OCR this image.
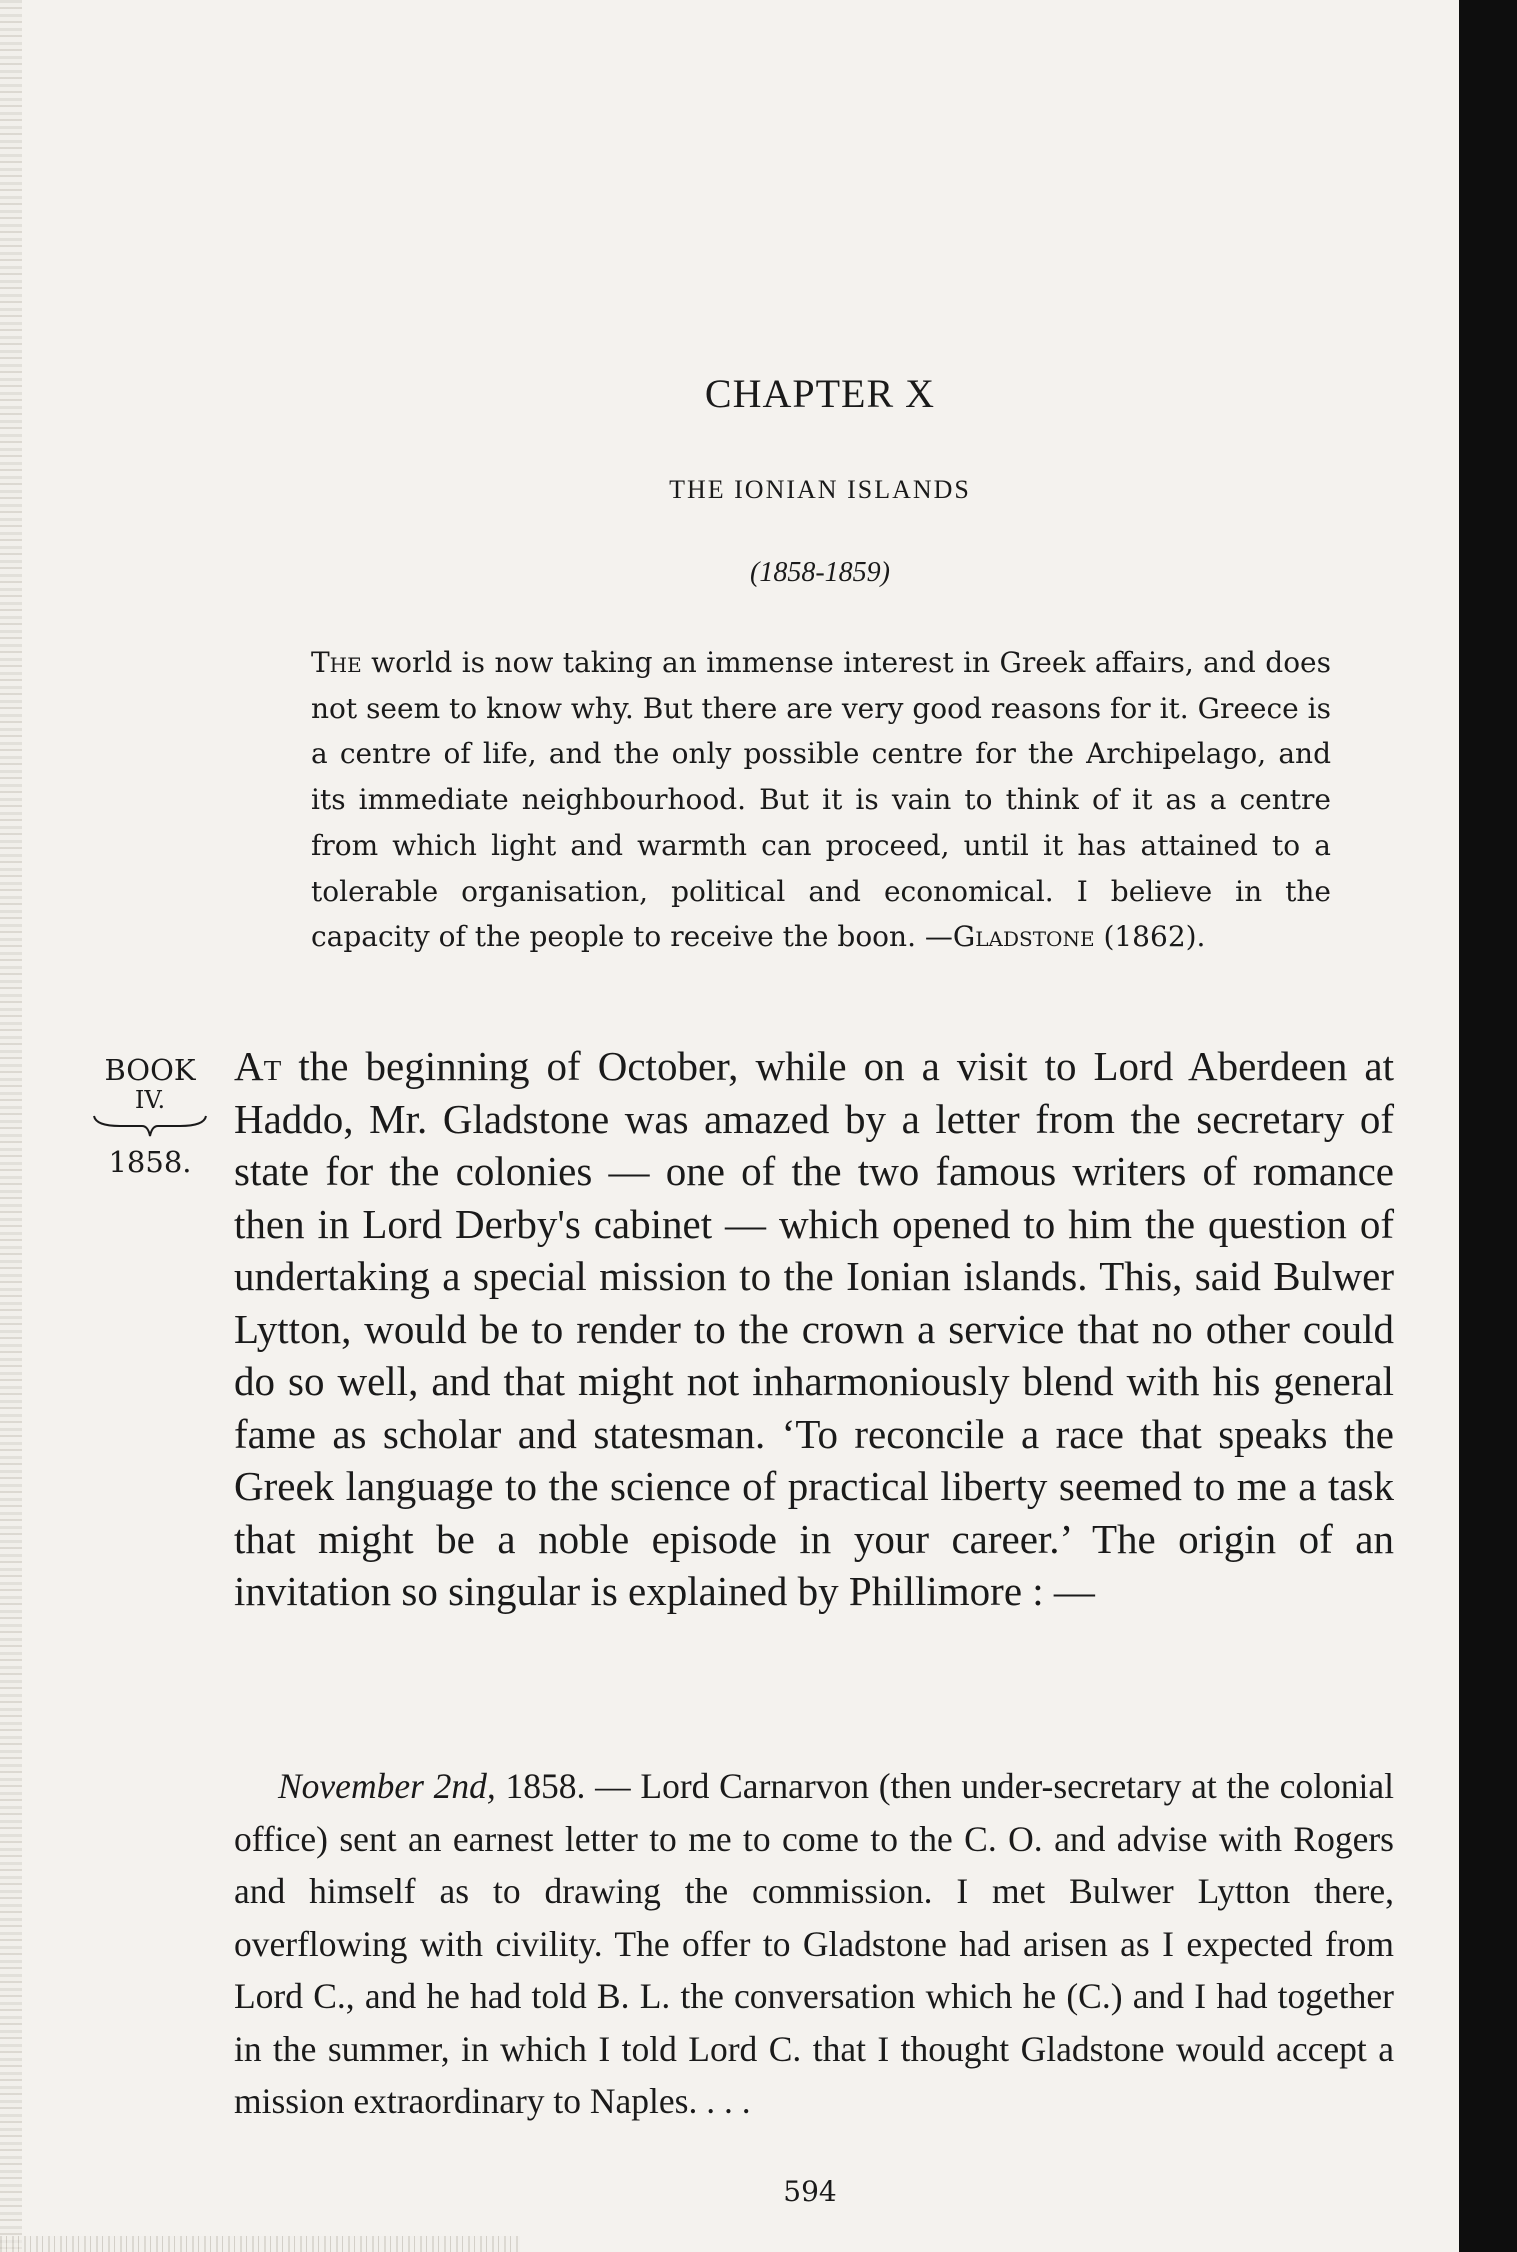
CHAPTER X
THE IONIAN ISLANDS
(1858-1859)
The world is now taking an immense interest in Greek affairs, and does not seem to know why. But there are very good reasons for it. Greece is a centre of life, and the only possible centre for the Archipelago, and its immediate neighbourhood. But it is vain to think of it as a centre from which light and warmth can proceed, until it has attained to a tolerable organisation, political and economical. I believe in the capacity of the people to receive the boon. —Gladstone (1862).
BOOK
IV.
1858.
At the beginning of October, while on a visit to Lord Aberdeen at Haddo, Mr. Gladstone was amazed by a letter from the secretary of state for the colonies — one of the two famous writers of romance then in Lord Derby's cabinet — which opened to him the question of undertaking a special mission to the Ionian islands. This, said Bulwer Lytton, would be to render to the crown a service that no other could do so well, and that might not inharmoniously blend with his general fame as scholar and statesman. ‘To reconcile a race that speaks the Greek language to the science of practical liberty seemed to me a task that might be a noble episode in your career.’ The origin of an invitation so singular is explained by Phillimore : —

November 2nd, 1858. — Lord Carnarvon (then under-secretary at the colonial office) sent an earnest letter to me to come to the C. O. and advise with Rogers and himself as to drawing the commission. I met Bulwer Lytton there, overflowing with civility. The offer to Gladstone had arisen as I expected from Lord C., and he had told B. L. the conversation which he (C.) and I had together in the summer, in which I told Lord C. that I thought Gladstone would accept a mission extraordinary to Naples. . . .

594
